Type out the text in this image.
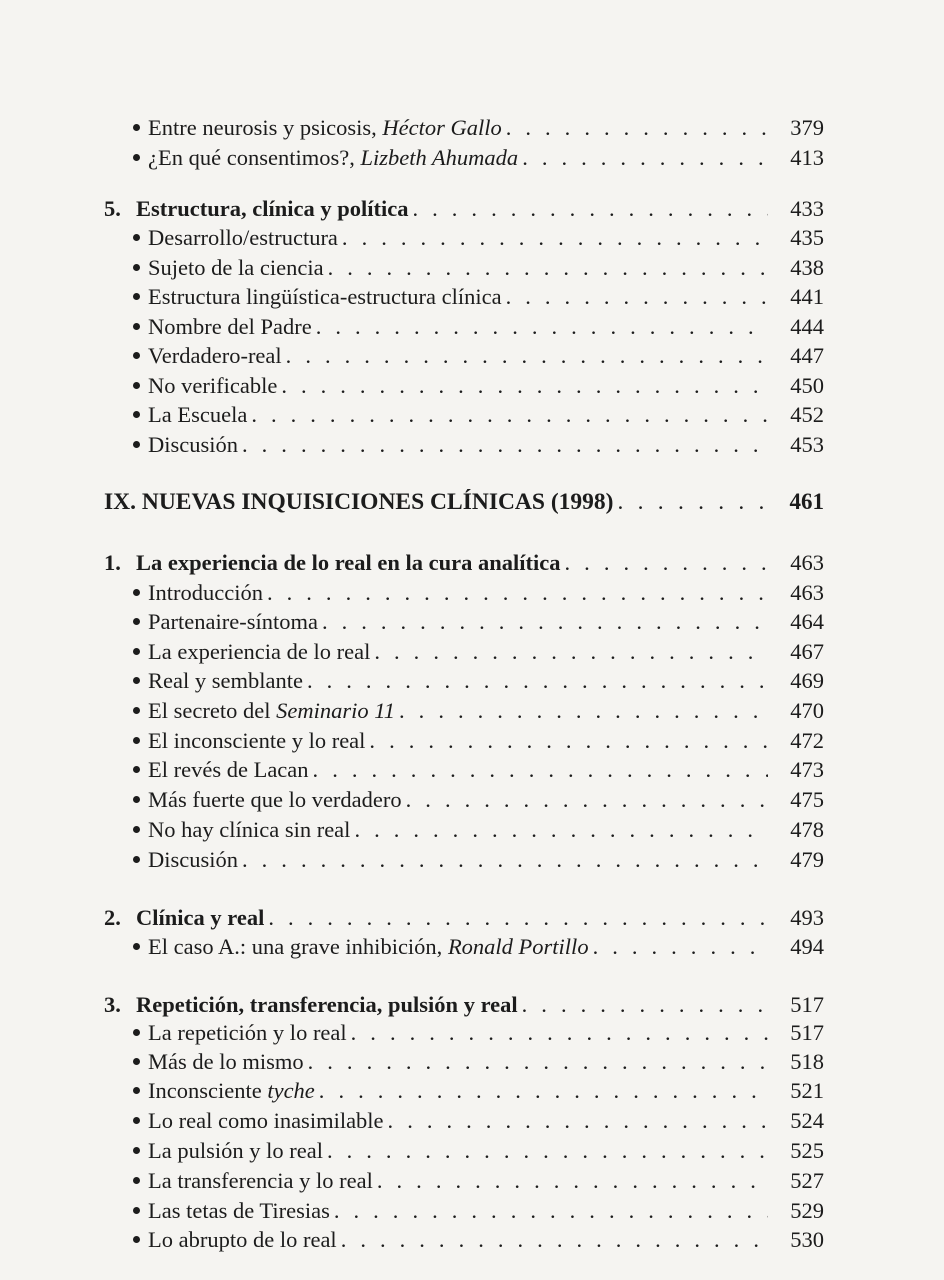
Entre neurosis y psicosis, Héctor Gallo . . .	379
¿En qué consentimos?, Lizbeth Ahumada . . .	413
5. Estructura, clínica y política . . .	433
Desarrollo/estructura . . .	435
Sujeto de la ciencia . . .	438
Estructura lingüística-estructura clínica . . .	441
Nombre del Padre . . .	444
Verdadero-real . . .	447
No verificable . . .	450
La Escuela . . .	452
Discusión . . .	453
IX. NUEVAS INQUISICIONES CLÍNICAS (1998) . . .	461
1. La experiencia de lo real en la cura analítica . . .	463
Introducción . . .	463
Partenaire-síntoma . . .	464
La experiencia de lo real . . .	467
Real y semblante . . .	469
El secreto del Seminario 11 . . .	470
El inconsciente y lo real . . .	472
El revés de Lacan . . .	473
Más fuerte que lo verdadero . . .	475
No hay clínica sin real . . .	478
Discusión . . .	479
2. Clínica y real . . .	493
El caso A.: una grave inhibición, Ronald Portillo . . .	494
3. Repetición, transferencia, pulsión y real . . .	517
La repetición y lo real . . .	517
Más de lo mismo . . .	518
Inconsciente tyche . . .	521
Lo real como inasimilable . . .	524
La pulsión y lo real . . .	525
La transferencia y lo real . . .	527
Las tetas de Tiresias . . .	529
Lo abrupto de lo real . . .	530
